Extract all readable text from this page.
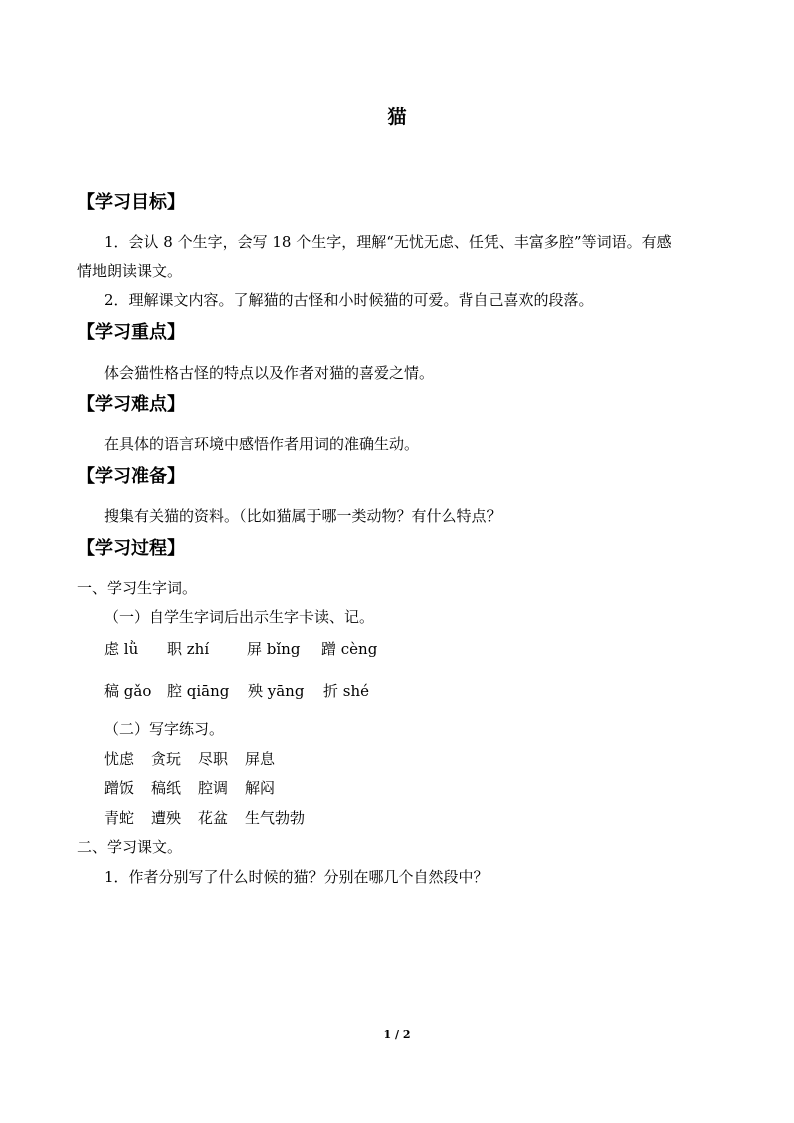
猫
【学习目标】
1．会认 8 个生字，会写 18 个生字，理解“无忧无虑、任凭、丰富多腔”等词语。有感
情地朗读课文。
2．理解课文内容。了解猫的古怪和小时候猫的可爱。背自己喜欢的段落。
【学习重点】
体会猫性格古怪的特点以及作者对猫的喜爱之情。
【学习难点】
在具体的语言环境中感悟作者用词的准确生动。
【学习准备】
搜集有关猫的资料。（比如猫属于哪一类动物？有什么特点？
【学习过程】
一、学习生字词。
（一）自学生字词后出示生字卡读、记。
虑 lǜ 职 zhí	屏 bǐng 蹭 cèng
稿 gǎo 腔 qiāng 殃 yāng 折 shé
（二）写字练习。
忧虑 贪玩 尽职 屏息
蹭饭 稿纸 腔调 解闷
青蛇 遭殃 花盆 生气勃勃
二、学习课文。
1．作者分别写了什么时候的猫？分别在哪几个自然段中？
1 / 2
